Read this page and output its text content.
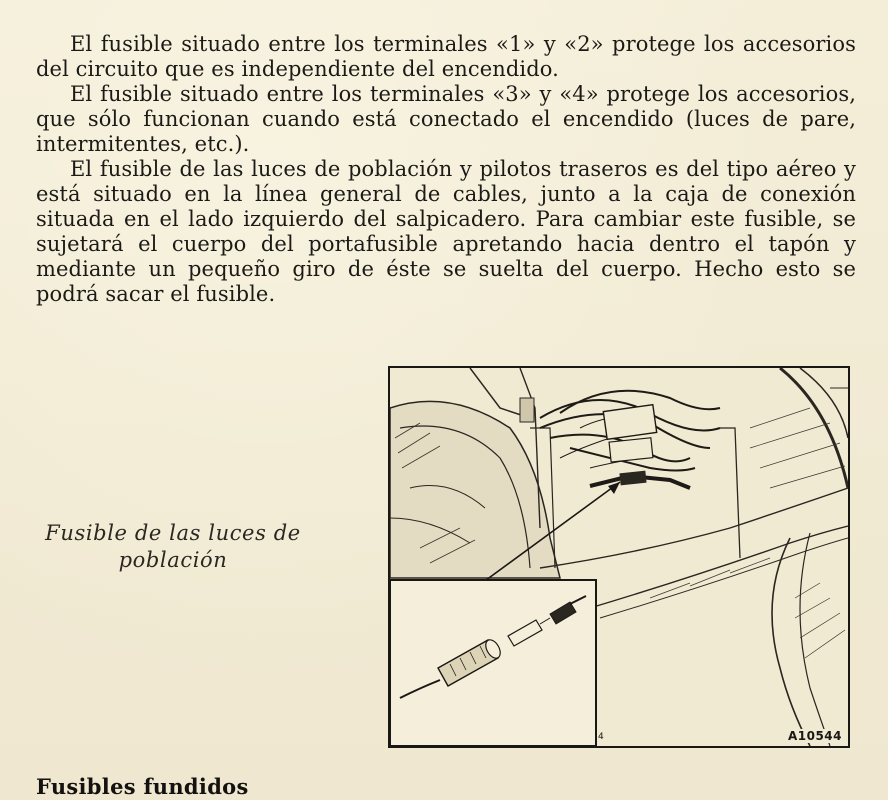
El fusible situado entre los terminales «1» y «2» protege los accesorios del circuito que es independiente del encendido.

El fusible situado entre los terminales «3» y «4» protege los accesorios, que sólo funcionan cuando está conectado el encendido (luces de pare, intermitentes, etc.).

El fusible de las luces de población y pilotos traseros es del tipo aéreo y está situado en la línea general de cables, junto a la caja de conexión situada en el lado izquierdo del salpicadero. Para cambiar este fusible, se sujetará el cuerpo del portafusible apretando hacia dentro el tapón y mediante un pequeño giro de éste se suelta del cuerpo. Hecho esto se podrá sacar el fusible.

Fusible de las luces de
población
4	A10544
Fusibles fundidos
